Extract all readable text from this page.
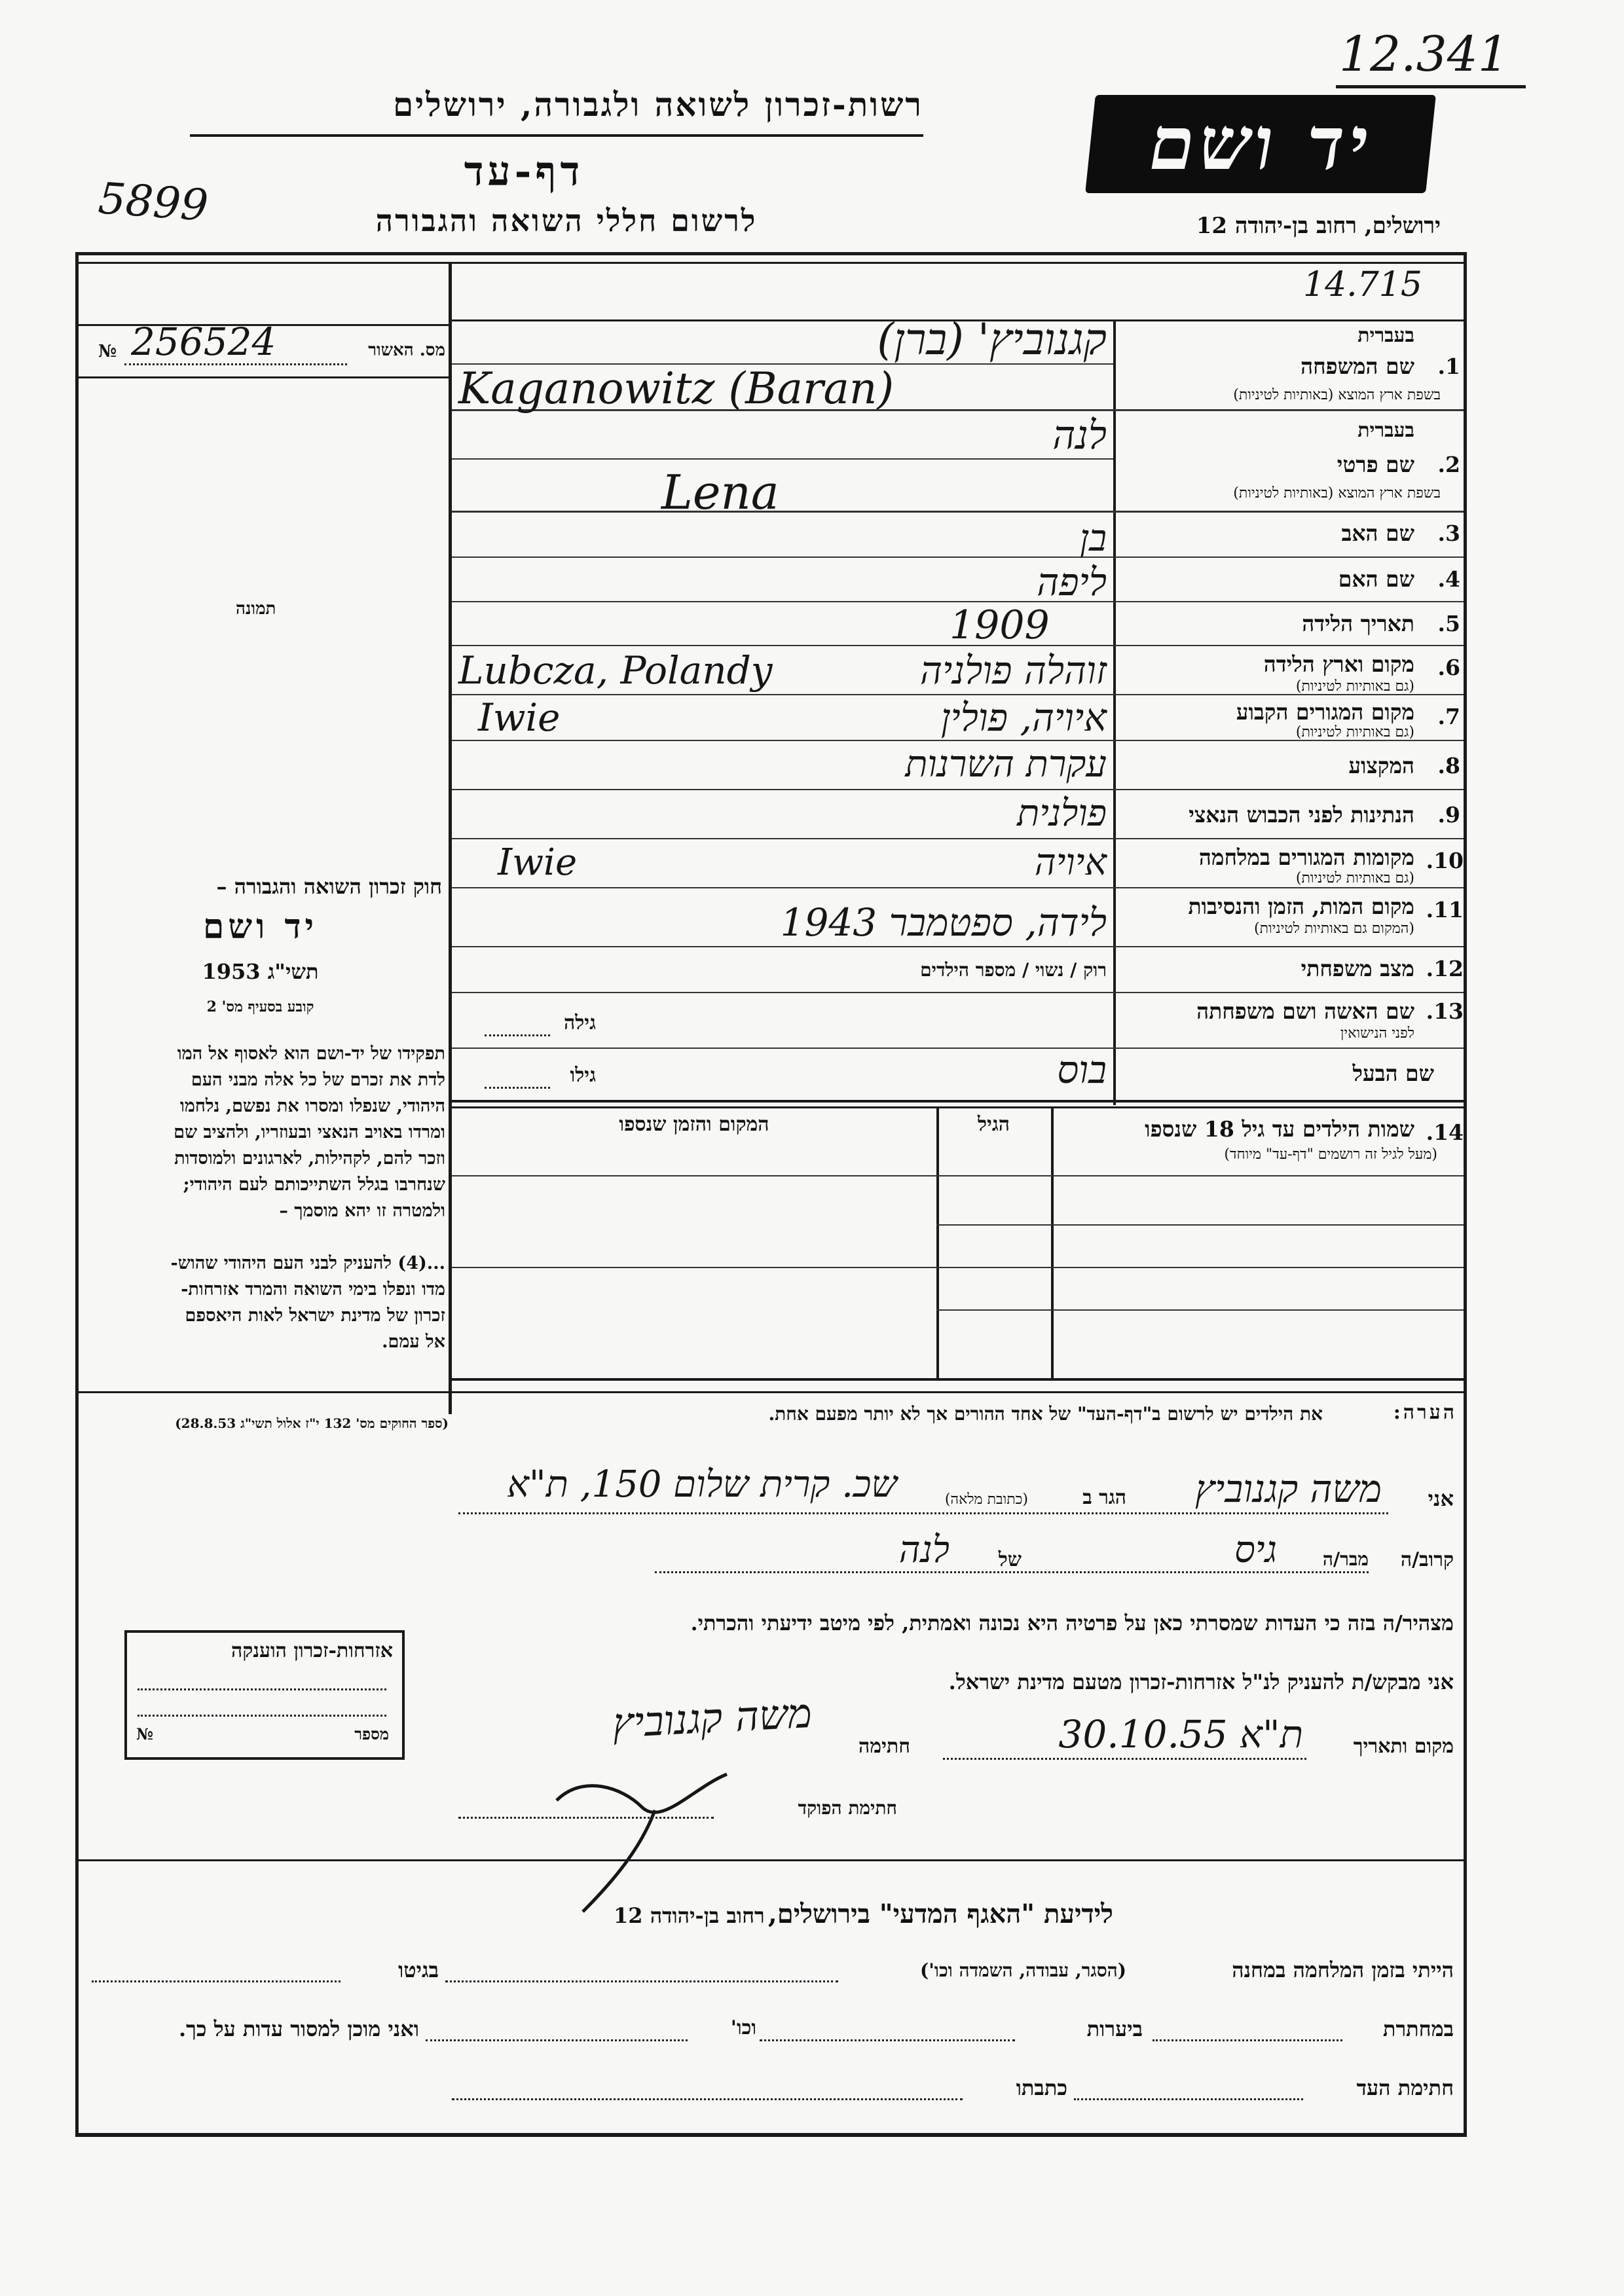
12.341
רשות-זכרון לשואה ולגבורה, ירושלים
5899
דף-עד
לרשום חללי השואה והגבורה
יד ושם
ירושלים, רחוב בן-יהודה 12
מס. האשור
№ 256524
תמונה
חוק זכרון השואה והגבורה –
יד ושם
תשי"ג 1953
קובע בסעיף מס' 2
תפקידו של יד-ושם הוא לאסוף אל המו
לדת את זכרם של כל אלה מבני העם
היהודי, שנפלו ומסרו את נפשם, נלחמו
ומרדו באויב הנאצי ובעוזריו, ולהציב שם
וזכר להם, לקהילות, לארגונים ולמוסדות
שנחרבו בגלל השתייכותם לעם היהודי;
ולמטרה זו יהא מוסמך –
...(4) להעניק לבני העם היהודי שהוש-
מדו ונפלו בימי השואה והמרד אזרחות-
זכרון של מדינת ישראל לאות היאספם
אל עמם.
(ספר החוקים מס' 132 י"ז אלול תשי"ג 28.8.53)
14.715
1.
בעברית
שם המשפחה
בשפת ארץ המוצא (באותיות לטיניות)
קגנוביץ' (ברן)
Kaganowitz (Baran)
2.
בעברית
שם פרטי
בשפת ארץ המוצא (באותיות לטיניות)
לנה
Lena
3.
שם האב
בן
4.
שם האם
ליפה
5.
תאריך הלידה
1909
6.
מקום וארץ הלידה
(גם באותיות לטיניות)
זוהלה פולניה
Lubcza, Polandy
7.
מקום המגורים הקבוע
(גם באותיות לטיניות)
איויה, פולין
Iwie
8.
המקצוע
עקרת השרנות
9.
הנתינות לפני הכבוש הנאצי
פולנית
10.
מקומות המגורים במלחמה
(גם באותיות לטיניות)
איויה
Iwie
11.
מקום המות, הזמן והנסיבות
(המקום גם באותיות לטיניות)
לידה, ספטמבר 1943
12.
מצב משפחתי
רוק / נשוי / מספר הילדים
13.
שם האשה ושם משפחתה
לפני הנישואין
גילה
שם הבעל
בוס
גילו
14.
שמות הילדים עד גיל 18 שנספו
(מעל לגיל זה רושמים "דף-עד" מיוחד)
הגיל
המקום והזמן שנספו
הערה:
את הילדים יש לרשום ב"דף-העד" של אחד ההורים אך לא יותר מפעם אחת.
אני
משה קגנוביץ
הגר ב
(כתובת מלאה)
שכ. קרית שלום 150, ת"א
קרוב/ה
מבר/ה
גיס
של
לנה
מצהיר/ה בזה כי העדות שמסרתי כאן על פרטיה היא נכונה ואמתית, לפי מיטב ידיעתי והכרתי.
אני מבקש/ת להעניק לנ"ל אזרחות-זכרון מטעם מדינת ישראל.
אזרחות-זכרון הוענקה
מספר
№
מקום ותאריך
ת"א 30.10.55
חתימה
משה קגנוביץ
חתימת הפוקד
לידיעת "האגף המדעי" בירושלים, רחוב בן-יהודה 12
הייתי בזמן המלחמה במחנה
(הסגר, עבודה, השמדה וכו')
בגיטו
במחתרת
ביערות
וכו'
ואני מוכן למסור עדות על כך.
חתימת העד
כתבתו
